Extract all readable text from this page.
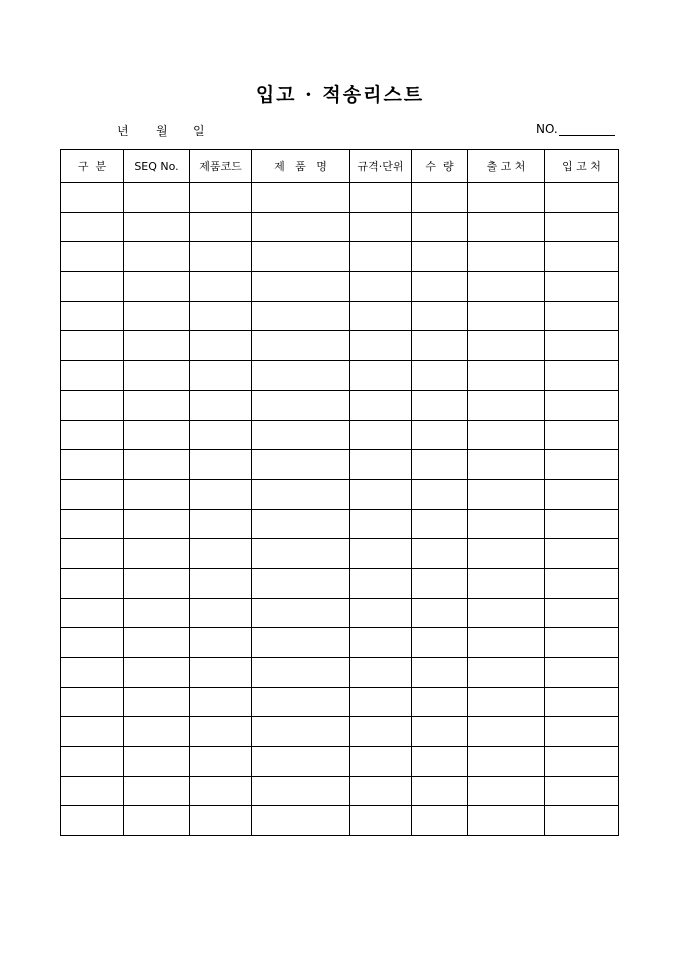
입고 · 적송리스트
년	월	일	NO.
구  분	SEQ No.	제품코드	제   품   명	규격·단위	수  량	출 고 처	입 고 처
